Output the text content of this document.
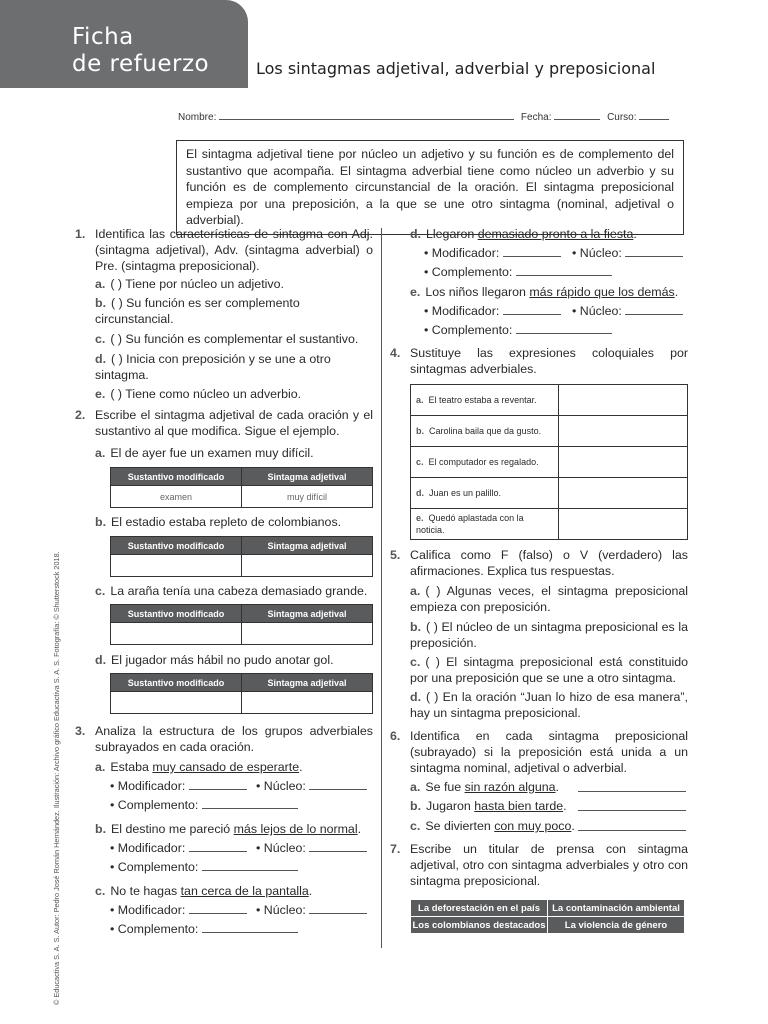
Ficha
de refuerzo	Los sintagmas adjetival, adverbial y preposicional
Nombre:	Fecha:	Curso:
El sintagma adjetival tiene por núcleo un adjetivo y su función es de complemento del sustantivo que acompaña. El sintagma adverbial tiene como núcleo un adverbio y su función es de complemento circunstancial de la oración. El sintagma preposicional empieza por una preposición, a la que se une otro sintagma (nominal, adjetival o adverbial).
© Educactiva S. A. S. Autor: Pedro José Román Hernández. Ilustración: Archivo gráfico Educactiva S. A. S. Fotografía: © Shutterstock 2018.
1. Identifica las características de sintagma con Adj. (sintagma adjetival), Adv. (sintagma adverbial) o Pre. (sintagma preposicional).

a. ( ) Tiene por núcleo un adjetivo.
b. ( ) Su función es ser complemento circunstancial.
c. ( ) Su función es complementar el sustantivo.
d. ( ) Inicia con preposición y se une a otro sintagma.
e. ( ) Tiene como núcleo un adverbio.
2. Escribe el sintagma adjetival de cada oración y el sustantivo al que modifica. Sigue el ejemplo.

a. El de ayer fue un examen muy difícil.
Sustantivo modificado	Sintagma adjetival
examen	muy difícil
b. El estadio estaba repleto de colombianos.
Sustantivo modificado	Sintagma adjetival

c. La araña tenía una cabeza demasiado grande.
Sustantivo modificado	Sintagma adjetival

d. El jugador más hábil no pudo anotar gol.
Sustantivo modificado	Sintagma adjetival

3. Analiza la estructura de los grupos adverbiales subrayados en cada oración.

a. Estaba muy cansado de esperarte.
• Modificador:	• Núcleo:
• Complemento:
b. El destino me pareció más lejos de lo normal.
• Modificador:	• Núcleo:
• Complemento:
c. No te hagas tan cerca de la pantalla.
• Modificador:	• Núcleo:
• Complemento:
d. Llegaron demasiado pronto a la fiesta.
• Modificador:	• Núcleo:
• Complemento:
e. Los niños llegaron más rápido que los demás.
• Modificador:	• Núcleo:
• Complemento:
4. Sustituye las expresiones coloquiales por sintagmas adverbiales.

a. El teatro estaba a reventar.	
b. Carolina baila que da gusto.	
c. El computador es regalado.	
d. Juan es un palillo.	
e. Quedó aplastada con la noticia.	
5. Califica como F (falso) o V (verdadero) las afirmaciones. Explica tus respuestas.

a. ( ) Algunas veces, el sintagma preposicional empieza con preposición.
b. ( ) El núcleo de un sintagma preposicional es la preposición.
c. ( ) El sintagma preposicional está constituido por una preposición que se une a otro sintagma.
d. ( ) En la oración “Juan lo hizo de esa manera”, hay un sintagma preposicional.
6. Identifica en cada sintagma preposicional (subrayado) si la preposición está unida a un sintagma nominal, adjetival o adverbial.

a. Se fue sin razón alguna.
b. Jugaron hasta bien tarde.
c. Se divierten con muy poco.
7. Escribe un titular de prensa con sintagma adjetival, otro con sintagma adverbiales y otro con sintagma preposicional.

La deforestación en el país	La contaminación ambiental
Los colombianos destacados	La violencia de género
